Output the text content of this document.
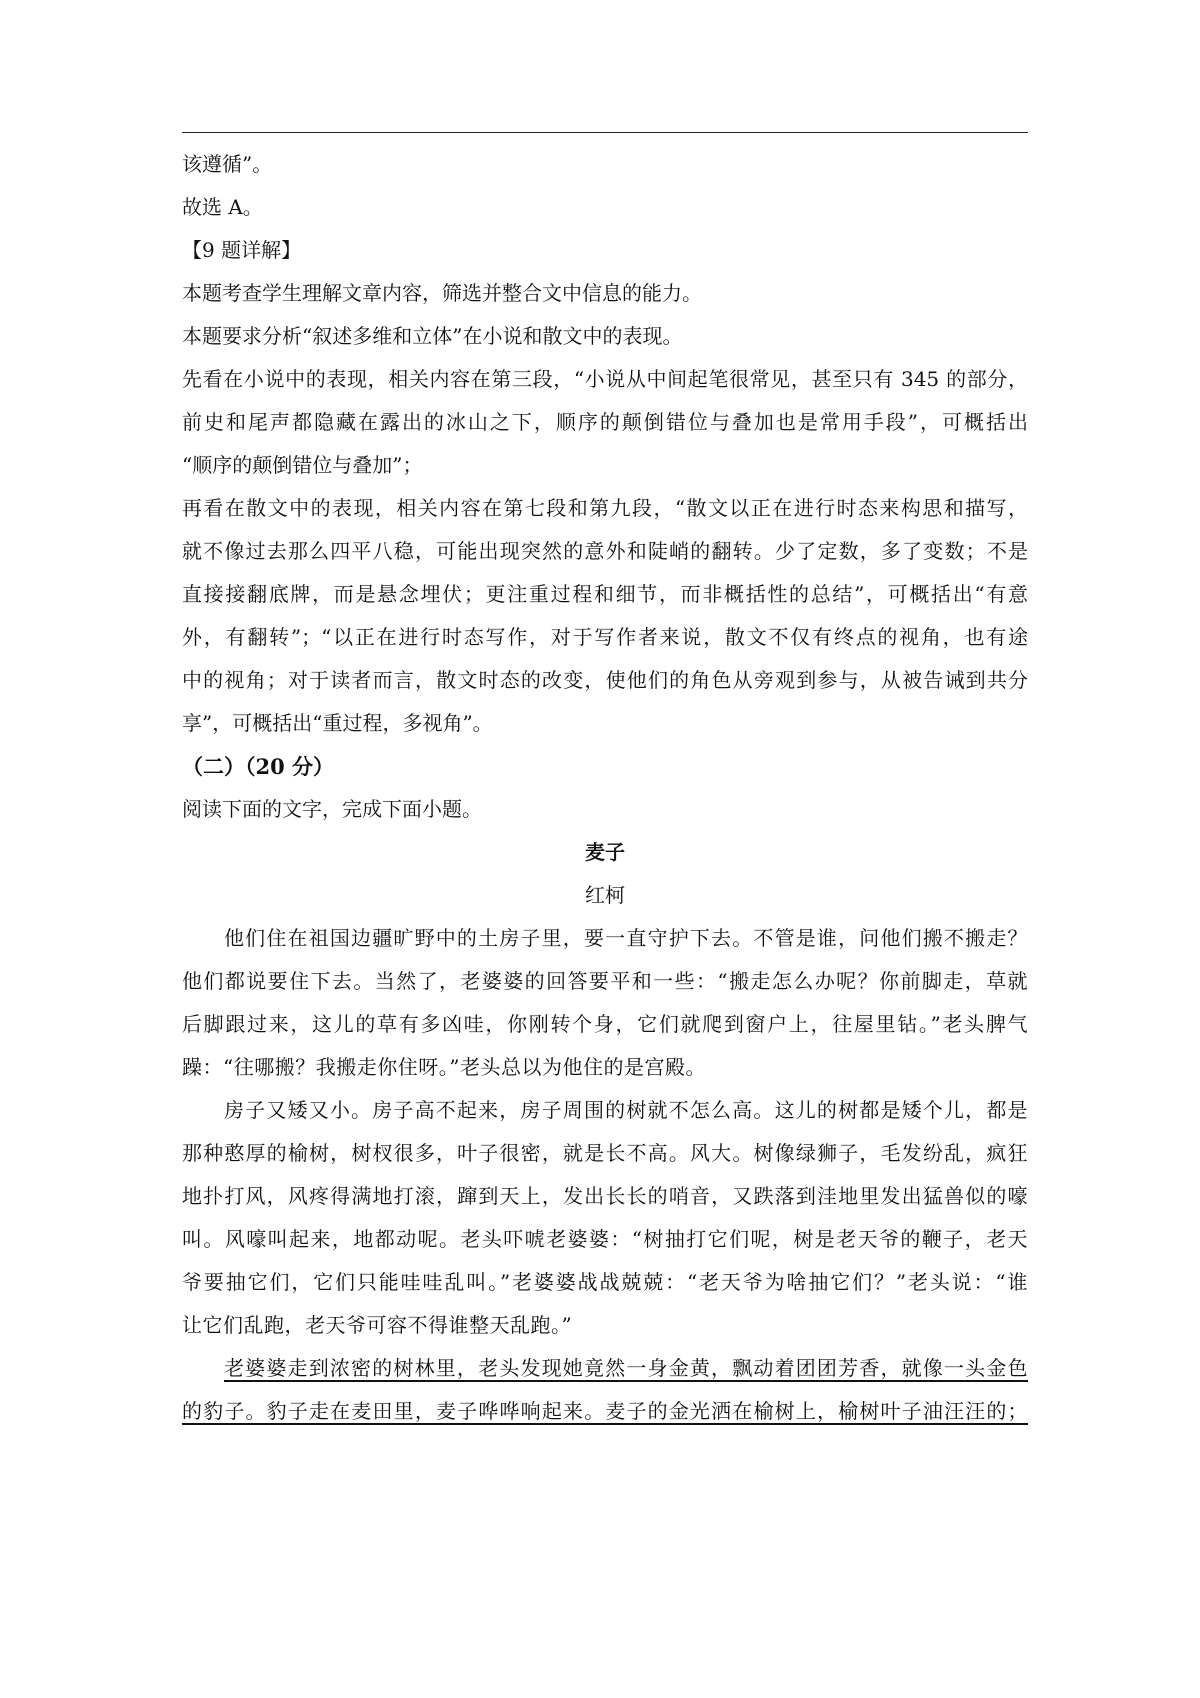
该遵循”。
故选 A。
【9 题详解】
本题考查学生理解文章内容，筛选并整合文中信息的能力。
本题要求分析“叙述多维和立体”在小说和散文中的表现。
先看在小说中的表现，相关内容在第三段，“小说从中间起笔很常见，甚至只有 345 的部分，
前史和尾声都隐藏在露出的冰山之下，顺序的颠倒错位与叠加也是常用手段”，可概括出
“顺序的颠倒错位与叠加”；
再看在散文中的表现，相关内容在第七段和第九段，“散文以正在进行时态来构思和描写，
就不像过去那么四平八稳，可能出现突然的意外和陡峭的翻转。少了定数，多了变数；不是
直接接翻底牌，而是悬念埋伏；更注重过程和细节，而非概括性的总结”，可概括出“有意
外，有翻转”；“以正在进行时态写作，对于写作者来说，散文不仅有终点的视角，也有途
中的视角；对于读者而言，散文时态的改变，使他们的角色从旁观到参与，从被告诫到共分
享”，可概括出“重过程，多视角”。
（二）（20 分）
阅读下面的文字，完成下面小题。
麦子
红柯
他们住在祖国边疆旷野中的土房子里，要一直守护下去。不管是谁，问他们搬不搬走？
他们都说要住下去。当然了，老婆婆的回答要平和一些：“搬走怎么办呢？你前脚走，草就
后脚跟过来，这儿的草有多凶哇，你刚转个身，它们就爬到窗户上，往屋里钻。”老头脾气
躁：“往哪搬？我搬走你住呀。”老头总以为他住的是宫殿。
房子又矮又小。房子高不起来，房子周围的树就不怎么高。这儿的树都是矮个儿，都是
那种憨厚的榆树，树杈很多，叶子很密，就是长不高。风大。树像绿狮子，毛发纷乱，疯狂
地扑打风，风疼得满地打滚，蹿到天上，发出长长的哨音，又跌落到洼地里发出猛兽似的嚎
叫。风嚎叫起来，地都动呢。老头吓唬老婆婆：“树抽打它们呢，树是老天爷的鞭子，老天
爷要抽它们，它们只能哇哇乱叫。”老婆婆战战兢兢：“老天爷为啥抽它们？”老头说：“谁
让它们乱跑，老天爷可容不得谁整天乱跑。”
老婆婆走到浓密的树林里，老头发现她竟然一身金黄，飘动着团团芳香，就像一头金色
的豹子。豹子走在麦田里，麦子哗哗响起来。麦子的金光洒在榆树上，榆树叶子油汪汪的；
